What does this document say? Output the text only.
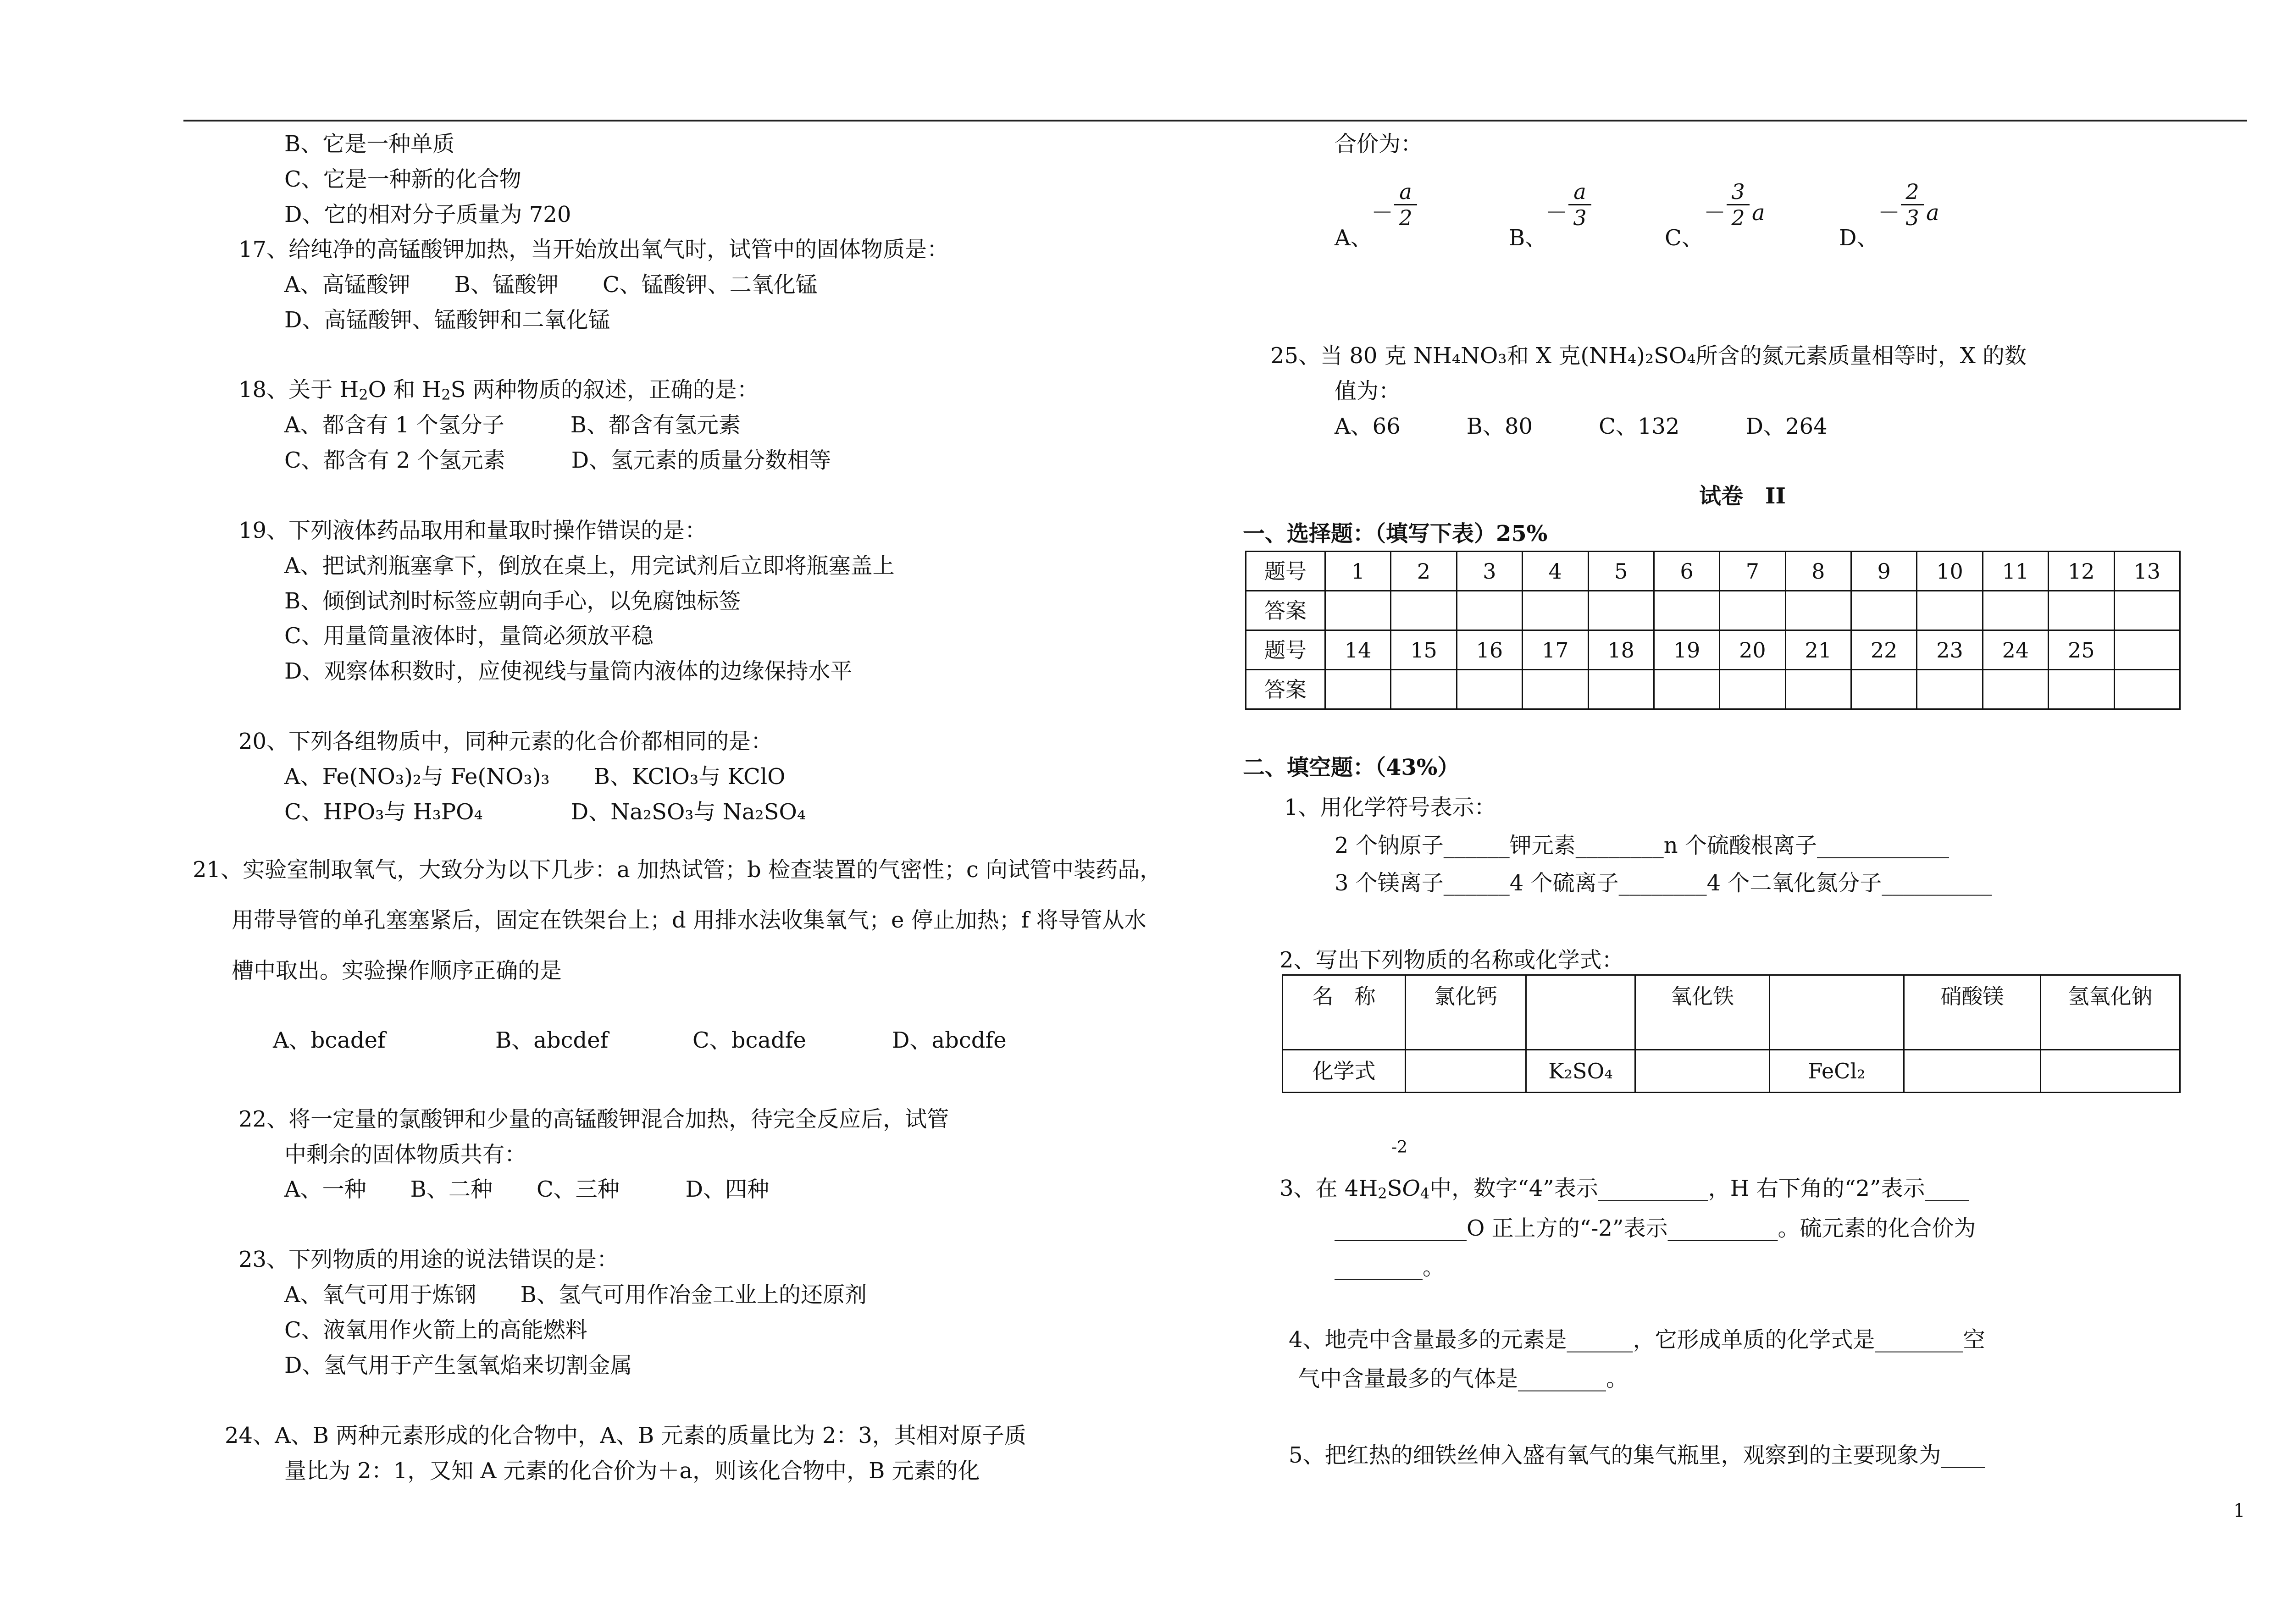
B、它是一种单质
C、它是一种新的化合物
D、它的相对分子质量为 720
17、给纯净的高锰酸钾加热，当开始放出氧气时，试管中的固体物质是：
A、高锰酸钾　　B、锰酸钾　　C、锰酸钾、二氧化锰
D、高锰酸钾、锰酸钾和二氧化锰
18、关于 $H_2O$ 和 $H_2S$ 两种物质的叙述，正确的是：
A、都含有 1 个氢分子　　　B、都含有氢元素
C、都含有 2 个氢元素　　　D、氢元素的质量分数相等
19、下列液体药品取用和量取时操作错误的是：
A、把试剂瓶塞拿下，倒放在桌上，用完试剂后立即将瓶塞盖上
B、倾倒试剂时标签应朝向手心，以免腐蚀标签
C、用量筒量液体时，量筒必须放平稳
D、观察体积数时，应使视线与量筒内液体的边缘保持水平
20、下列各组物质中，同种元素的化合价都相同的是：
A、Fe(NO₃)₂与 Fe(NO₃)₃　　B、KClO₃与 KClO
C、HPO₃与 H₃PO₄　　　　D、Na₂SO₃与 Na₂SO₄
21、实验室制取氧气，大致分为以下几步：a 加热试管；b 检查装置的气密性；c 向试管中装药品，
用带导管的单孔塞塞紧后，固定在铁架台上；d 用排水法收集氧气；e 停止加热；f 将导管从水
槽中取出。实验操作顺序正确的是
A、bcadef	B、abcdef	C、bcadfe	D、abcdfe
22、将一定量的氯酸钾和少量的高锰酸钾混合加热，待完全反应后，试管
中剩余的固体物质共有：
A、一种　　B、二种　　C、三种　　　D、四种
23、下列物质的用途的说法错误的是：
A、氧气可用于炼钢　　B、氢气可用作冶金工业上的还原剂
C、液氧用作火箭上的高能燃料
D、氢气用于产生氢氧焰来切割金属
24、A、B 两种元素形成的化合物中，A、B 元素的质量比为 2：3，其相对原子质
量比为 2：1，又知 A 元素的化合价为＋a，则该化合物中，B 元素的化
合价为：
A、
－
a
2
B、
－
a
3
C、
－
3
2 a
D、
－
2
3 a
25、当 80 克 NH₄NO₃和 X 克(NH₄)₂SO₄所含的氮元素质量相等时，X 的数
值为：
A、66　　　B、80　　　C、132　　　D、264
试卷　II
一、选择题：（填写下表）25%
题号	1	2	3	4	5	6	7	8	9	10	11	12	13
答案													
题号	14	15	16	17	18	19	20	21	22	23	24	25	
答案													
二、填空题：（43%）
1、用化学符号表示：
2 个钠原子______钾元素________n 个硫酸根离子____________
3 个镁离子______4 个硫离子________4 个二氧化氮分子__________
2、写出下列物质的名称或化学式：
名　称	氯化钙		氧化铁		硝酸镁	氢氧化钠
化学式		K₂SO₄		FeCl₂		
-2
3、在 $4H_2SO_4$中，数字“4”表示__________，H 右下角的“2”表示____
____________O 正上方的“-2”表示__________。硫元素的化合价为
________。
4、地壳中含量最多的元素是______，它形成单质的化学式是________空
气中含量最多的气体是________。
5、把红热的细铁丝伸入盛有氧气的集气瓶里，观察到的主要现象为____
1
